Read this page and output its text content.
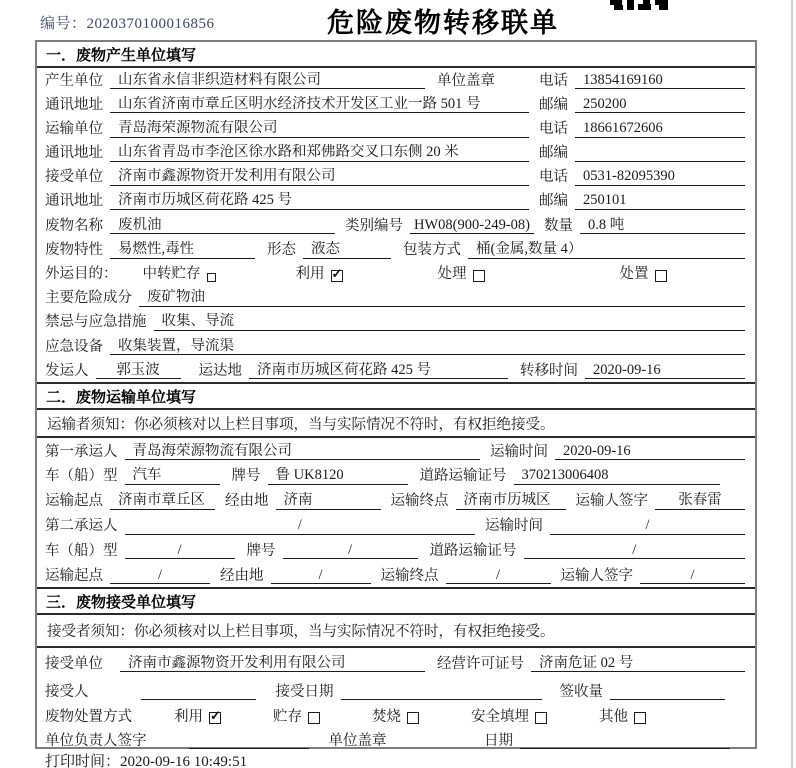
编号：2020370100016856	危险废物转移联单
一．废物产生单位填写
产生单位	山东省永信非织造材料有限公司	单位盖章	电话	13854169160
通讯地址	山东省济南市章丘区明水经济技术开发区工业一路 501 号	邮编	250200
运输单位	青岛海荣源物流有限公司	电话	18661672606
通讯地址	山东省青岛市李沧区徐水路和郑佛路交叉口东侧 20 米	邮编
接受单位	济南市鑫源物资开发利用有限公司	电话	0531-82095390
通讯地址	济南市历城区荷花路 425 号	邮编	250101
废物名称	废机油	类别编号 HW08(900-249-08) 数量	0.8 吨
废物特性	易燃性,毒性	形态	液态	包装方式	桶(金属,数量 4）
外运目的： 中转贮存	利用 ✓	处理	处置
主要危险成分	废矿物油
禁忌与应急措施	收集、导流
应急设备	收集装置，导流渠
发运人	郭玉波	运达地	济南市历城区荷花路 425 号	转移时间	2020-09-16
二．废物运输单位填写
运输者须知：你必须核对以上栏目事项，当与实际情况不符时，有权拒绝接受。
第一承运人	青岛海荣源物流有限公司	运输时间	2020-09-16
车（船）型	汽车	牌号	鲁 UK8120	道路运输证号	370213006408
运输起点	济南市章丘区	经由地	济南	运输终点	济南市历城区	运输人签字	张春雷
第二承运人	/	运输时间	/
车（船）型	/	牌号	/	道路运输证号	/
运输起点	/	经由地	/	运输终点	/	运输人签字	/
三．废物接受单位填写
接受者须知：你必须核对以上栏目事项，当与实际情况不符时，有权拒绝接受。
接受单位	济南市鑫源物资开发利用有限公司	经营许可证号	济南危证 02 号
接受人	接受日期	签收量
废物处置方式	利用 ✓	贮存	焚烧	安全填埋	其他
单位负责人签字	单位盖章	日期
打印时间：2020-09-16 10:49:51
